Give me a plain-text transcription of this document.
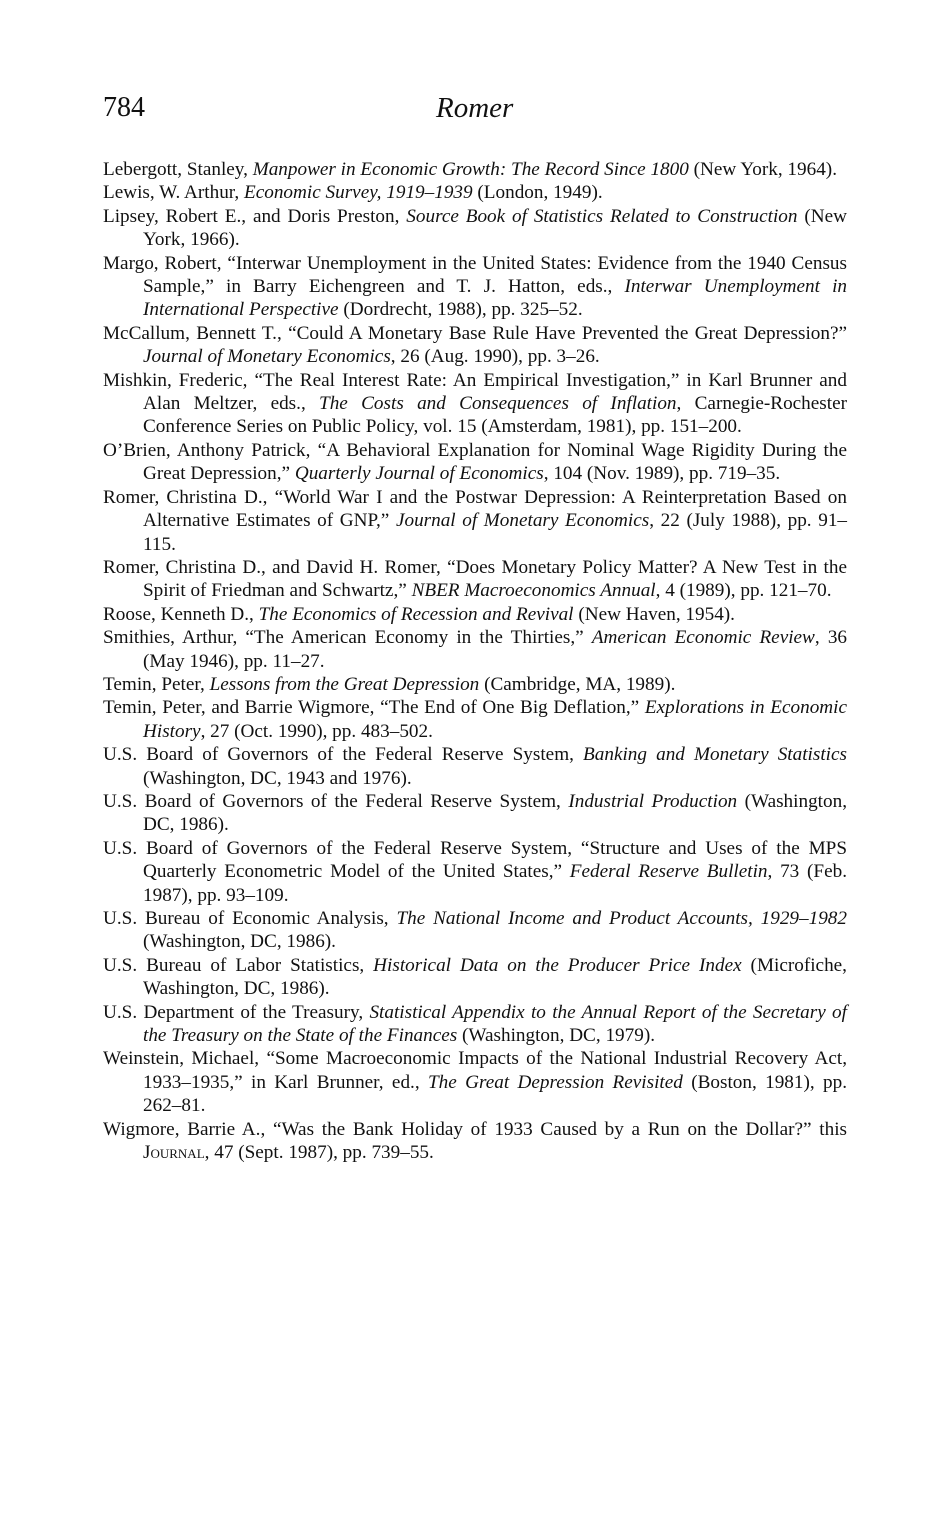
784	Romer
Lebergott, Stanley, Manpower in Economic Growth: The Record Since 1800 (New York, 1964).
Lewis, W. Arthur, Economic Survey, 1919–1939 (London, 1949).
Lipsey, Robert E., and Doris Preston, Source Book of Statistics Related to Construction (New York, 1966).
Margo, Robert, “Interwar Unemployment in the United States: Evidence from the 1940 Census Sample,” in Barry Eichengreen and T. J. Hatton, eds., Interwar Unemployment in International Perspective (Dordrecht, 1988), pp. 325–52.
McCallum, Bennett T., “Could A Monetary Base Rule Have Prevented the Great Depression?” Journal of Monetary Economics, 26 (Aug. 1990), pp. 3–26.
Mishkin, Frederic, “The Real Interest Rate: An Empirical Investigation,” in Karl Brunner and Alan Meltzer, eds., The Costs and Consequences of Inflation, Carnegie-Rochester Conference Series on Public Policy, vol. 15 (Amsterdam, 1981), pp. 151–200.
O’Brien, Anthony Patrick, “A Behavioral Explanation for Nominal Wage Rigidity During the Great Depression,” Quarterly Journal of Economics, 104 (Nov. 1989), pp. 719–35.
Romer, Christina D., “World War I and the Postwar Depression: A Reinterpretation Based on Alternative Estimates of GNP,” Journal of Monetary Economics, 22 (July 1988), pp. 91–115.
Romer, Christina D., and David H. Romer, “Does Monetary Policy Matter? A New Test in the Spirit of Friedman and Schwartz,” NBER Macroeconomics Annual, 4 (1989), pp. 121–70.
Roose, Kenneth D., The Economics of Recession and Revival (New Haven, 1954).
Smithies, Arthur, “The American Economy in the Thirties,” American Economic Review, 36 (May 1946), pp. 11–27.
Temin, Peter, Lessons from the Great Depression (Cambridge, MA, 1989).
Temin, Peter, and Barrie Wigmore, “The End of One Big Deflation,” Explorations in Economic History, 27 (Oct. 1990), pp. 483–502.
U.S. Board of Governors of the Federal Reserve System, Banking and Monetary Statistics (Washington, DC, 1943 and 1976).
U.S. Board of Governors of the Federal Reserve System, Industrial Production (Washington, DC, 1986).
U.S. Board of Governors of the Federal Reserve System, “Structure and Uses of the MPS Quarterly Econometric Model of the United States,” Federal Reserve Bulletin, 73 (Feb. 1987), pp. 93–109.
U.S. Bureau of Economic Analysis, The National Income and Product Accounts, 1929–1982 (Washington, DC, 1986).
U.S. Bureau of Labor Statistics, Historical Data on the Producer Price Index (Microfiche, Washington, DC, 1986).
U.S. Department of the Treasury, Statistical Appendix to the Annual Report of the Secretary of the Treasury on the State of the Finances (Washington, DC, 1979).
Weinstein, Michael, “Some Macroeconomic Impacts of the National Industrial Recovery Act, 1933–1935,” in Karl Brunner, ed., The Great Depression Revisited (Boston, 1981), pp. 262–81.
Wigmore, Barrie A., “Was the Bank Holiday of 1933 Caused by a Run on the Dollar?” this Journal, 47 (Sept. 1987), pp. 739–55.
